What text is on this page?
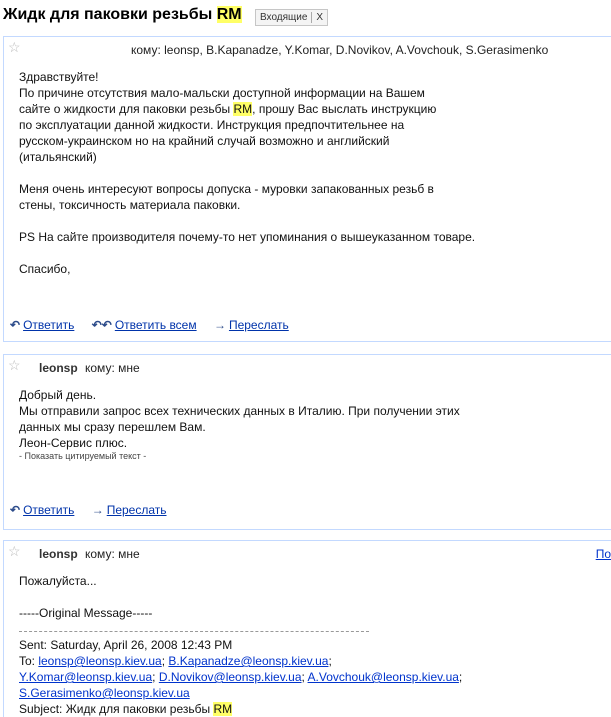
Жидк для паковки резьбы RM	Входящие X
☆	кому: leonsp, B.Kapanadze, Y.Komar, D.Novikov, A.Vovchouk, S.Gerasimenko

Здравствуйте!

По причине отсутствия мало-мальски доступной информации на Вашем

сайте о жидкости для паковки резьбы RM, прошу Вас выслать инструкцию

по эксплуатации данной жидкости. Инструкция предпочтительнее на

русском-украинском но на крайний случай возможно и английский

(итальянский)

Меня очень интересуют вопросы допуска - муровки запакованных резьб в

стены, токсичность материала паковки.

PS На сайте производителя почему-то нет упоминания о вышеуказанном товаре.

Спасибо,

↶ Ответить ↶↶ Ответить всем → Переслать
☆ leonsp кому: мне

Добрый день.

Мы отправили запрос всех технических данных в Италию. При получении этих

данных мы сразу перешлем Вам.

Леон-Сервис плюс.

- Показать цитируемый текст -

↶ Ответить → Переслать
☆ leonsp кому: мне	По

Пожалуйста...

-----Original Message-----

Sent: Saturday, April 26, 2008 12:43 PM

To: leonsp@leonsp.kiev.ua; B.Kapanadze@leonsp.kiev.ua;

Y.Komar@leonsp.kiev.ua; D.Novikov@leonsp.kiev.ua; A.Vovchouk@leonsp.kiev.ua;

S.Gerasimenko@leonsp.kiev.ua

Subject: Жидк для паковки резьбы RM
